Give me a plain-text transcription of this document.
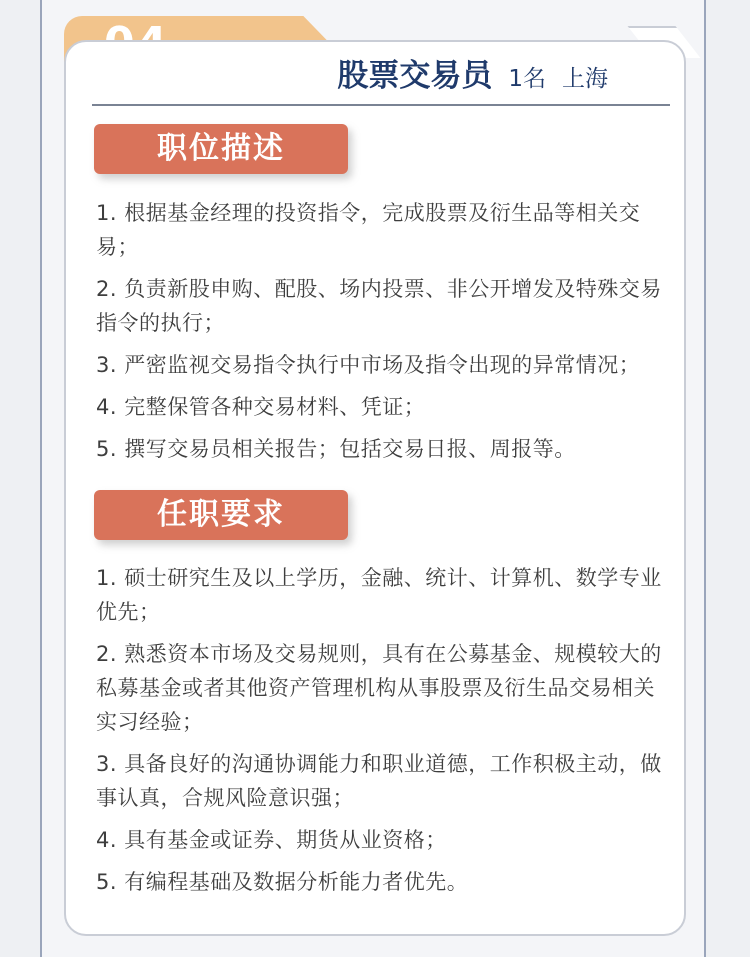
股票交易员 1名 上海
职位描述
1. 根据基金经理的投资指令，完成股票及衍生品等相关交易；
2. 负责新股申购、配股、场内投票、非公开增发及特殊交易指令的执行；
3. 严密监视交易指令执行中市场及指令出现的异常情况；
4. 完整保管各种交易材料、凭证；
5. 撰写交易员相关报告；包括交易日报、周报等。
任职要求
1. 硕士研究生及以上学历，金融、统计、计算机、数学专业优先；
2. 熟悉资本市场及交易规则，具有在公募基金、规模较大的私募基金或者其他资产管理机构从事股票及衍生品交易相关实习经验；
3. 具备良好的沟通协调能力和职业道德，工作积极主动，做事认真，合规风险意识强；
4. 具有基金或证券、期货从业资格；
5. 有编程基础及数据分析能力者优先。
